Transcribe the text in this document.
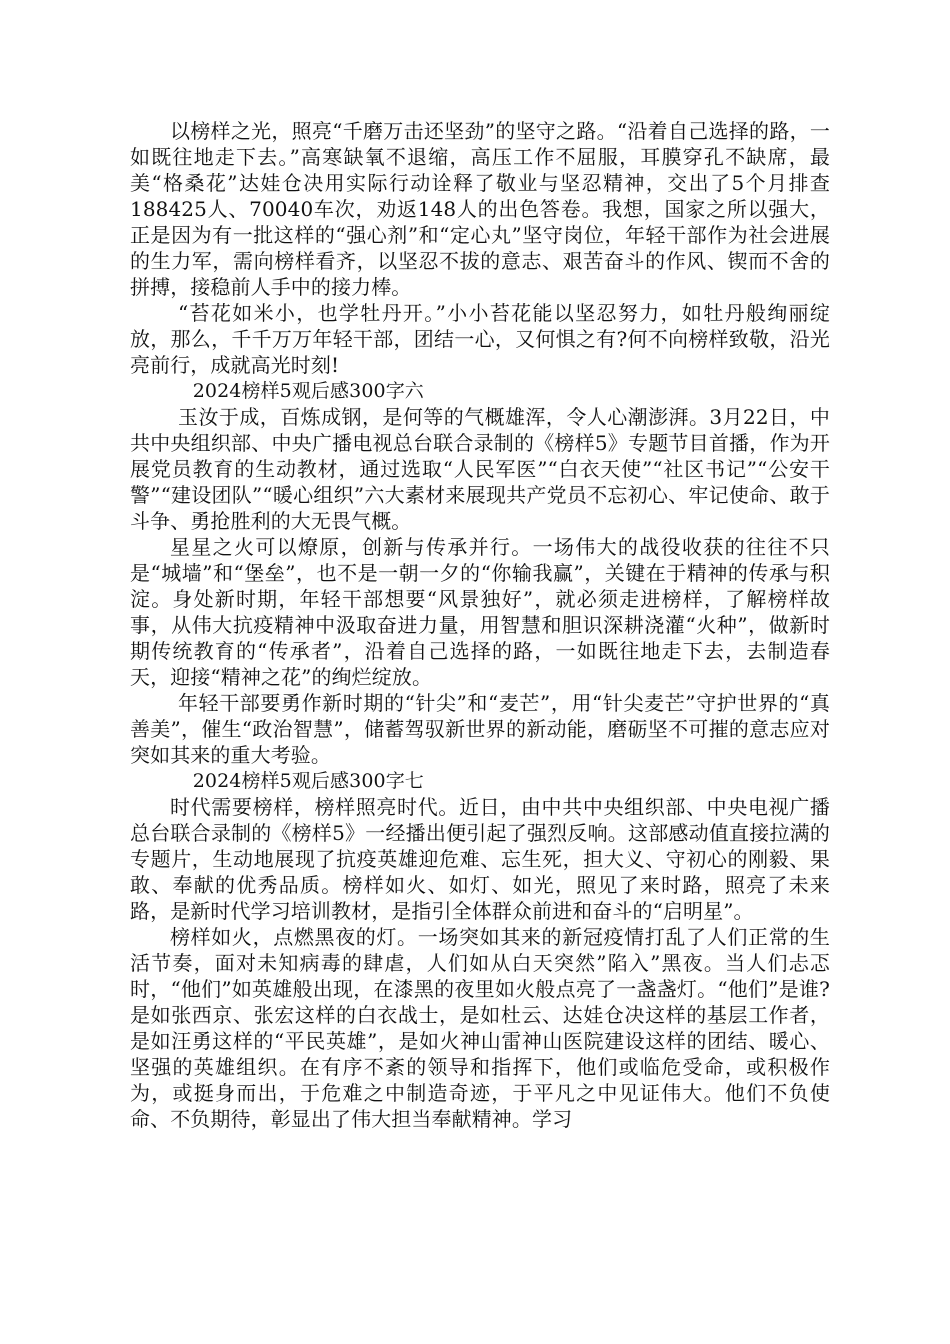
以榜样之光，照亮“千磨万击还坚劲”的坚守之路。“沿着自己选择的路，一如既往地走下去。”高寒缺氧不退缩，高压工作不屈服，耳膜穿孔不缺席，最美“格桑花”达娃仓决用实际行动诠释了敬业与坚忍精神，交出了5个月排查188425人、70040车次，劝返148人的出色答卷。我想，国家之所以强大，正是因为有一批这样的“强心剂”和“定心丸”坚守岗位，年轻干部作为社会进展的生力军，需向榜样看齐，以坚忍不拔的意志、艰苦奋斗的作风、锲而不舍的拼搏，接稳前人手中的接力棒。

“苔花如米小，也学牡丹开。”小小苔花能以坚忍努力，如牡丹般绚丽绽放，那么，千千万万年轻干部，团结一心，又何惧之有?何不向榜样致敬，沿光亮前行，成就高光时刻!

2024榜样5观后感300字六

玉汝于成，百炼成钢，是何等的气概雄浑，令人心潮澎湃。3月22日，中共中央组织部、中央广播电视总台联合录制的《榜样5》专题节目首播，作为开展党员教育的生动教材，通过选取“人民军医”“白衣天使”“社区书记”“公安干警”“建设团队”“暖心组织”六大素材来展现共产党员不忘初心、牢记使命、敢于斗争、勇抢胜利的大无畏气概。

星星之火可以燎原，创新与传承并行。一场伟大的战役收获的往往不只是“城墙”和“堡垒”，也不是一朝一夕的“你输我赢”，关键在于精神的传承与积淀。身处新时期，年轻干部想要“风景独好”，就必须走进榜样，了解榜样故事，从伟大抗疫精神中汲取奋进力量，用智慧和胆识深耕浇灌“火种”，做新时期传统教育的“传承者”，沿着自己选择的路，一如既往地走下去，去制造春天，迎接“精神之花”的绚烂绽放。

年轻干部要勇作新时期的“针尖”和“麦芒”，用“针尖麦芒”守护世界的“真善美”，催生“政治智慧”，储蓄驾驭新世界的新动能，磨砺坚不可摧的意志应对突如其来的重大考验。

2024榜样5观后感300字七

时代需要榜样，榜样照亮时代。近日，由中共中央组织部、中央电视广播总台联合录制的《榜样5》一经播出便引起了强烈反响。这部感动值直接拉满的专题片，生动地展现了抗疫英雄迎危难、忘生死，担大义、守初心的刚毅、果敢、奉献的优秀品质。榜样如火、如灯、如光，照见了来时路，照亮了未来路，是新时代学习培训教材，是指引全体群众前进和奋斗的“启明星”。

榜样如火，点燃黑夜的灯。一场突如其来的新冠疫情打乱了人们正常的生活节奏，面对未知病毒的肆虐，人们如从白天突然”陷入”黑夜。当人们忐忑时，“他们”如英雄般出现，在漆黑的夜里如火般点亮了一盏盏灯。“他们”是谁?是如张西京、张宏这样的白衣战士，是如杜云、达娃仓决这样的基层工作者，是如汪勇这样的“平民英雄”，是如火神山雷神山医院建设这样的团结、暖心、坚强的英雄组织。在有序不紊的领导和指挥下，他们或临危受命，或积极作为，或挺身而出，于危难之中制造奇迹，于平凡之中见证伟大。他们不负使命、不负期待，彰显出了伟大担当奉献精神。学习
